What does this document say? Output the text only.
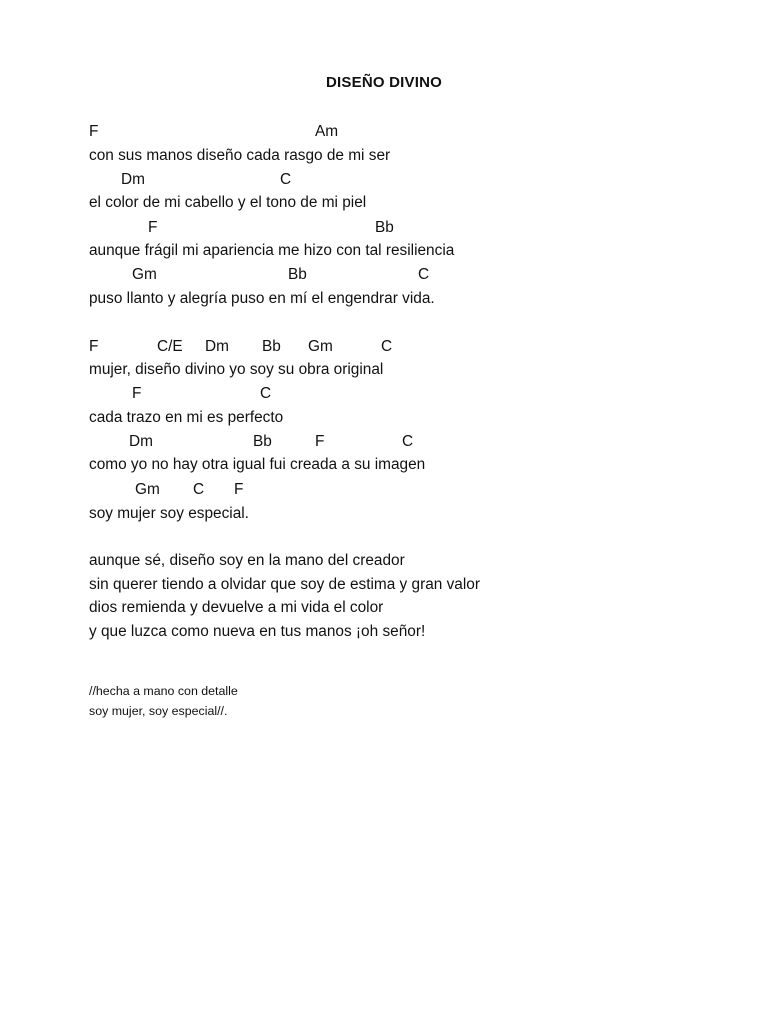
DISEÑO DIVINO
F	Am
con sus manos diseño cada rasgo de mi ser
Dm	C
el color de mi cabello y el tono de mi piel
F	Bb
aunque frágil mi apariencia me hizo con tal resiliencia
Gm	Bb	C
puso llanto y alegría puso en mí el engendrar vida.
F	C/E Dm Bb Gm	C
mujer, diseño divino yo soy su obra original
F	C
cada trazo en mi es perfecto
Dm	Bb	F	C
como yo no hay otra igual fui creada a su imagen
Gm C F
soy mujer soy especial.
aunque sé, diseño soy en la mano del creador
sin querer tiendo a olvidar que soy de estima y gran valor
dios remienda y devuelve a mi vida el color
y que luzca como nueva en tus manos ¡oh señor!
//hecha a mano con detalle
soy mujer, soy especial//.
